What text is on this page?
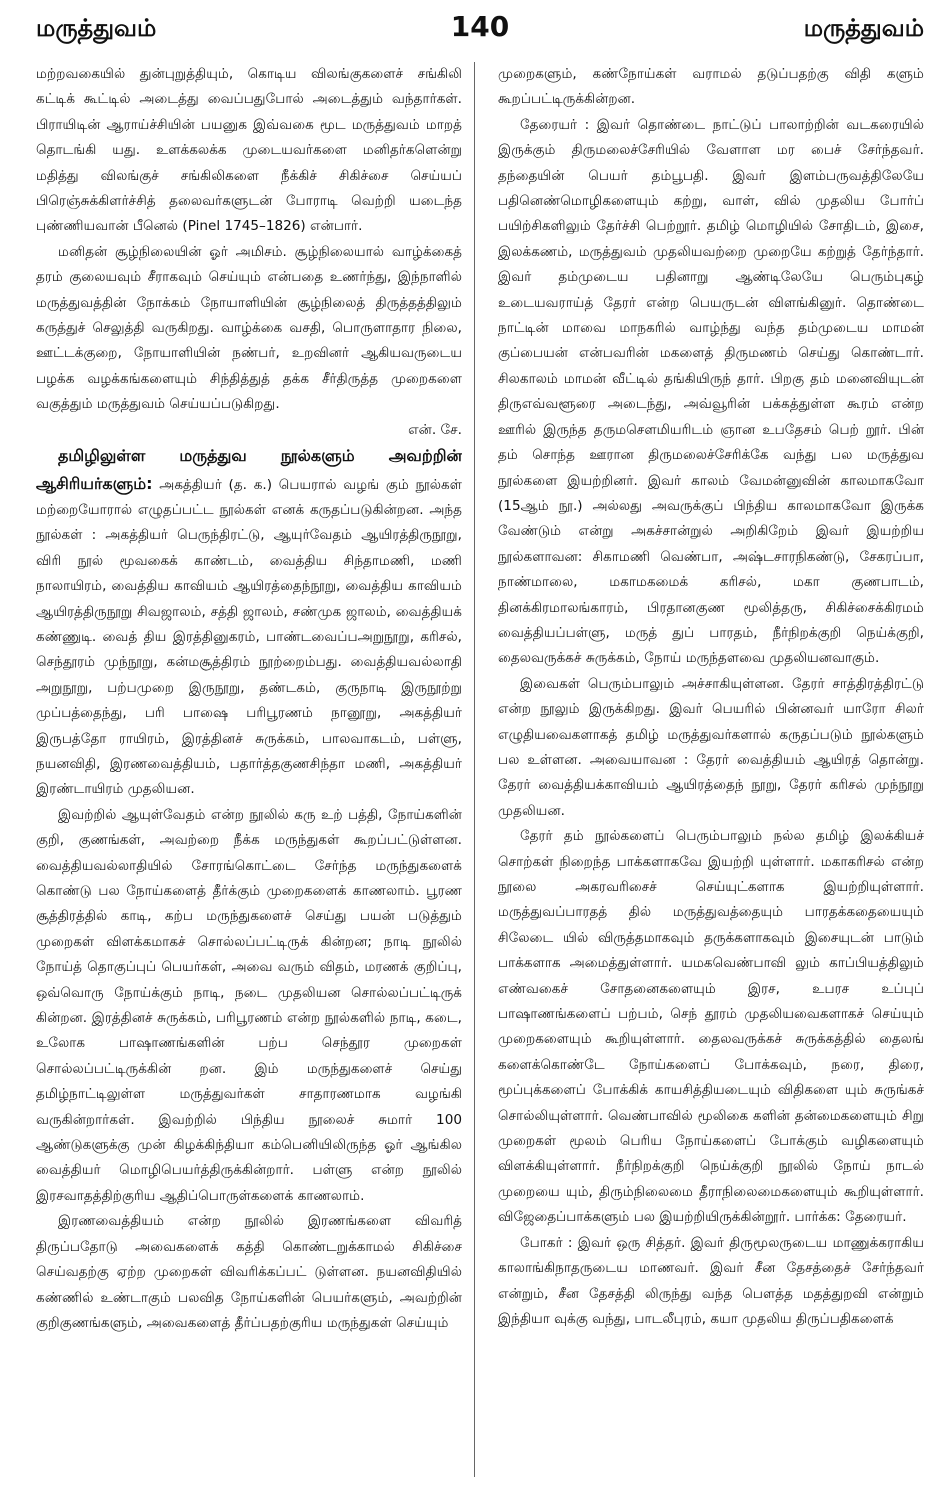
மருத்துவம்	140	மருத்துவம்

மற்றவகையில் துன்புறுத்தியும், கொடிய விலங்குகளைச் சங்கிலி கட்டிக் கூட்டில் அடைத்து வைப்பதுபோல் அடைத்தும் வந்தார்கள். பிராயிடின் ஆராய்ச்சியின் பயனுக இவ்வகை மூட மருத்துவம் மாறத் தொடங்கி யது. உளக்கலக்க முடையவர்களை மனிதர்களென்று மதித்து விலங்குச் சங்கிலிகளை நீக்கிச் சிகிச்சை செய்யப் பிரெஞ்சுக்கிளர்ச்சித் தலைவர்களுடன் போராடி வெற்றி யடைந்த புண்ணியவான் பீனெல் (Pinel 1745–1826) என்பார்.

மனிதன் சூழ்நிலையின் ஓர் அமிசம். சூழ்நிலையால் வாழ்க்கைத் தரம் குலையவும் சீராகவும் செய்யும் என்பதை உணர்ந்து, இந்நாளில் மருத்துவத்தின் நோக்கம் நோயாளியின் சூழ்நிலைத் திருத்தத்திலும் கருத்துச் செலுத்தி வருகிறது. வாழ்க்கை வசதி, பொருளாதார நிலை, ஊட்டக்குறை, நோயாளியின் நண்பர், உறவினர் ஆகியவருடைய பழக்க வழக்கங்களையும் சிந்தித்துத் தக்க சீர்திருத்த முறைகளை வகுத்தும் மருத்துவம் செய்யப்படுகிறது.

என். சே.

தமிழிலுள்ள மருத்துவ நூல்களும் அவற்றின் ஆசிரியர்களும்: அகத்தியர் (த. க.) பெயரால் வழங் கும் நூல்கள் மற்றையோரால் எழுதப்பட்ட நூல்கள் எனக் கருதப்படுகின்றன. அந்த நூல்கள் : அகத்தியர் பெருந்திரட்டு, ஆயுர்வேதம் ஆயிரத்திருநூறு, விரி நூல் மூவகைக் காண்டம், வைத்திய சிந்தாமணி, மணி நாலாயிரம், வைத்திய காவியம் ஆயிரத்தைந்நூறு, வைத்திய காவியம் ஆயிரத்திருநூறு சிவஜாலம், சத்தி ஜாலம், சண்முக ஜாலம், வைத்தியக் கண்ணுடி. வைத் திய இரத்தினுகரம், பாண்டவைப்பஅறுநூறு, கரிசல், செந்தூரம் முந்நூறு, கன்மசூத்திரம் நூற்றைம்பது. வைத்தியவல்லாதி அறுநூறு, பற்பமுறை இருநூறு, தண்டகம், குருநாடி இருநூற்று முப்பத்தைந்து, பரி பாஷை பரிபூரணம் நானூறு, அகத்தியர் இருபத்தோ ராயிரம், இரத்தினச் சுருக்கம், பாலவாகடம், பள்ளு, நயனவிதி, இரணவைத்தியம், பதார்த்தகுணசிந்தா மணி, அகத்தியர் இரண்டாயிரம் முதலியன.

இவற்றில் ஆயுள்வேதம் என்ற நூலில் கரு உற் பத்தி, நோய்களின் குறி, குணங்கள், அவற்றை நீக்க மருந்துகள் கூறப்பட்டுள்ளன. வைத்தியவல்லாதியில் சோரங்கொட்டை சேர்ந்த மருந்துகளைக் கொண்டு பல நோய்களைத் தீர்க்கும் முறைகளைக் காணலாம். பூரண சூத்திரத்தில் காடி, கற்ப மருந்துகளைச் செய்து பயன் படுத்தும் முறைகள் விளக்கமாகச் சொல்லப்பட்டிருக் கின்றன; நாடி நூலில் நோய்த் தொகுப்புப் பெயர்கள், அவை வரும் விதம், மரணக் குறிப்பு, ஒவ்வொரு நோய்க்கும் நாடி, நடை முதலியன சொல்லப்பட்டிருக் கின்றன. இரத்தினச் சுருக்கம், பரிபூரணம் என்ற நூல்களில் நாடி, கடை, உலோக பாஷாணங்களின் பற்ப செந்தூர முறைகள் சொல்லப்பட்டிருக்கின் றன. இம் மருந்துகளைச் செய்து தமிழ்நாட்டிலுள்ள மருத்துவர்கள் சாதாரணமாக வழங்கி வருகின்றார்கள். இவற்றில் பிந்திய நூலைச் சுமார் 100 ஆண்டுகளுக்கு முன் கிழக்கிந்தியா கம்பெனியிலிருந்த ஓர் ஆங்கில வைத்தியர் மொழிபெயர்த்திருக்கின்றார். பள்ளு என்ற நூலில் இரசவாதத்திற்குரிய ஆதிப்பொருள்களைக் காணலாம்.

இரணவைத்தியம் என்ற நூலில் இரணங்களை விவரித் திருப்பதோடு அவைகளைக் கத்தி கொண்டறுக்காமல் சிகிச்சை செய்வதற்கு ஏற்ற முறைகள் விவரிக்கப்பட் டுள்ளன. நயனவிதியில் கண்ணில் உண்டாகும் பலவித நோய்களின் பெயர்களும், அவற்றின் குறிகுணங்களும், அவைகளைத் தீர்ப்பதற்குரிய மருந்துகள் செய்யும்

முறைகளும், கண்நோய்கள் வராமல் தடுப்பதற்கு விதி களும் கூறப்பட்டிருக்கின்றன.

தேரையர் : இவர் தொண்டை நாட்டுப் பாலாற்றின் வடகரையில் இருக்கும் திருமலைச்சேரியில் வேளாள மர பைச் சேர்ந்தவர். தந்தையின் பெயர் தம்பூபதி. இவர் இளம்பருவத்திலேயே பதினெண்மொழிகளையும் கற்று, வாள், வில் முதலிய போர்ப் பயிற்சிகளிலும் தேர்ச்சி பெற்றூர். தமிழ் மொழியில் சோதிடம், இசை, இலக்கணம், மருத்துவம் முதலியவற்றை முறையே கற்றுத் தேர்ந்தார். இவர் தம்முடைய பதினாறு ஆண்டிலேயே பெரும்புகழ் உடையவராய்த் தேரர் என்ற பெயருடன் விளங்கினுர். தொண்டை நாட்டின் மாவை மாநகரில் வாழ்ந்து வந்த தம்முடைய மாமன் குப்பையன் என்பவரின் மகளைத் திருமணம் செய்து கொண்டார். சிலகாலம் மாமன் வீட்டில் தங்கியிருந் தார். பிறகு தம் மனைவியுடன் திருஎவ்வளூரை அடைந்து, அவ்வூரின் பக்கத்துள்ள கூரம் என்ற ஊரில் இருந்த தருமசௌமியரிடம் ஞான உபதேசம் பெற் றூர். பின் தம் சொந்த ஊரான திருமலைச்சேரிக்கே வந்து பல மருத்துவ நூல்களை இயற்றினர். இவர் காலம் வேமன்னுவின் காலமாகவோ (15ஆம் நூ.) அல்லது அவருக்குப் பிந்திய காலமாகவோ இருக்க வேண்டும் என்று அகச்சான்றுல் அறிகிறேம் இவர் இயற்றிய நூல்களாவன: சிகாமணி வெண்பா, அஷ்டசாரநிகண்டு, சேகரப்பா, நாண்மாலை, மகாமகமைக் கரிசல், மகா குணபாடம், தினக்கிரமாலங்காரம், பிரதானகுண மூலித்தரு, சிகிச்சைக்கிரமம் வைத்தியப்பள்ளு, மருத் துப் பாரதம், நீர்நிறக்குறி நெய்க்குறி, தைலவருக்கச் சுருக்கம், நோய் மருந்தளவை முதலியனவாகும்.

இவைகள் பெரும்பாலும் அச்சாகியுள்ளன. தேரர் சாத்திரத்திரட்டு என்ற நூலும் இருக்கிறது. இவர் பெயரில் பின்னவர் யாரோ சிலர் எழுதியவைகளாகத் தமிழ் மருத்துவர்களால் கருதப்படும் நூல்களும் பல உள்ளன. அவையாவன : தேரர் வைத்தியம் ஆயிரத் தொன்று. தேரர் வைத்தியக்காவியம் ஆயிரத்தைந் நூறு, தேரர் கரிசல் முந்நூறு முதலியன.

தேரர் தம் நூல்களைப் பெரும்பாலும் நல்ல தமிழ் இலக்கியச் சொற்கள் நிறைந்த பாக்களாகவே இயற்றி யுள்ளார். மகாகரிசல் என்ற நூலை அகரவரிசைச் செய்யுட்களாக இயற்றியுள்ளார். மருத்துவப்பாரதத் தில் மருத்துவத்தையும் பாரதக்கதையையும் சிலேடை யில் விருத்தமாகவும் தருக்களாகவும் இசையுடன் பாடும் பாக்களாக அமைத்துள்ளார். யமகவெண்பாவி லும் காப்பியத்திலும் எண்வகைச் சோதனைகளையும் இரச, உபரச உப்புப் பாஷாணங்களைப் பற்பம், செந் தூரம் முதலியவைகளாகச் செய்யும் முறைகளையும் கூறியுள்ளார். தைலவருக்கச் சுருக்கத்தில் தைலங் களைக்கொண்டே நோய்களைப் போக்கவும், நரை, திரை, மூப்புக்களைப் போக்கிக் காயசித்தியடையும் விதிகளை யும் சுருங்கச் சொல்லியுள்ளார். வெண்பாவில் மூலிகை களின் தன்மைகளையும் சிறு முறைகள் மூலம் பெரிய நோய்களைப் போக்கும் வழிகளையும் விளக்கியுள்ளார். நீர்நிறக்குறி நெய்க்குறி நூலில் நோய் நாடல் முறையை யும், திரும்நிலைமை தீராநிலைமைகளையும் கூறியுள்ளார். விஜேதைப்பாக்களும் பல இயற்றியிருக்கின்றூர். பார்க்க: தேரையர்.

போகர் : இவர் ஒரு சித்தர். இவர் திருமூலருடைய மாணுக்கராகிய காலாங்கிநாதருடைய மாணவர். இவர் சீன தேசத்தைச் சேர்ந்தவர் என்றும், சீன தேசத்தி லிருந்து வந்த பௌத்த மதத்துறவி என்றும் இந்தியா வுக்கு வந்து, பாடலீபுரம், கயா முதலிய திருப்பதிகளைக்
